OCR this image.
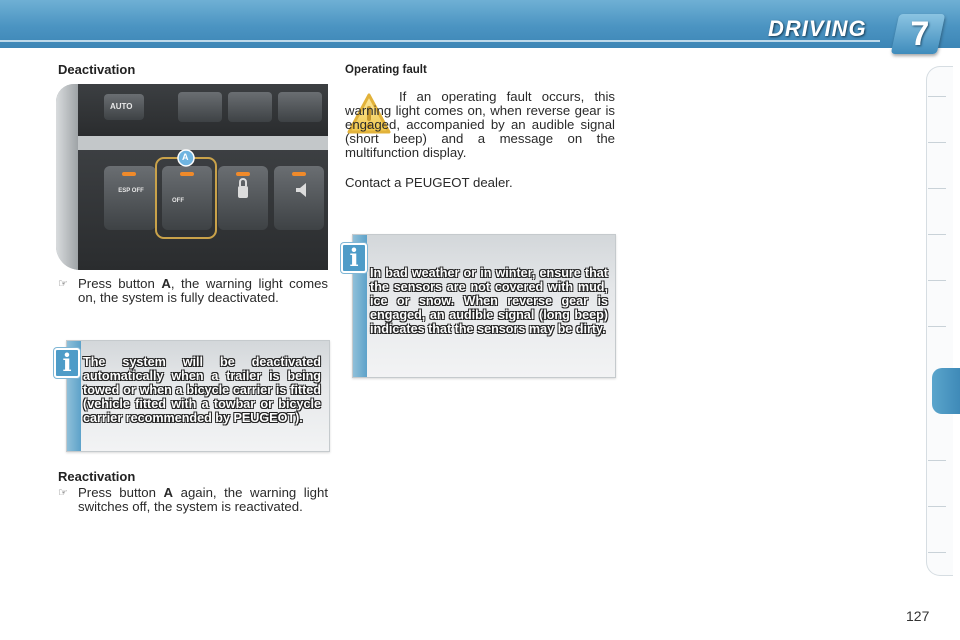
DRIVING 7
Deactivation
AUTO
ESP OFF
OFF
A
☞ Press button A, the warning light comes on, the system is fully deactivated.
i The system will be deactivated automatically when a trailer is being towed or when a bicycle carrier is fitted (vehicle fitted with a towbar or bicycle carrier recommended by PEUGEOT).
Reactivation
☞ Press button A again, the warning light switches off, the system is reactivated.
Operating fault
If an operating fault occurs, this warning light comes on, when reverse gear is engaged, accompanied by an audible signal (short beep) and a message on the multifunction display.
Contact a PEUGEOT dealer.
i
In bad weather or in winter, ensure that the sensors are not covered with mud, ice or snow. When reverse gear is engaged, an audible signal (long beep) indicates that the sensors may be dirty.
127
